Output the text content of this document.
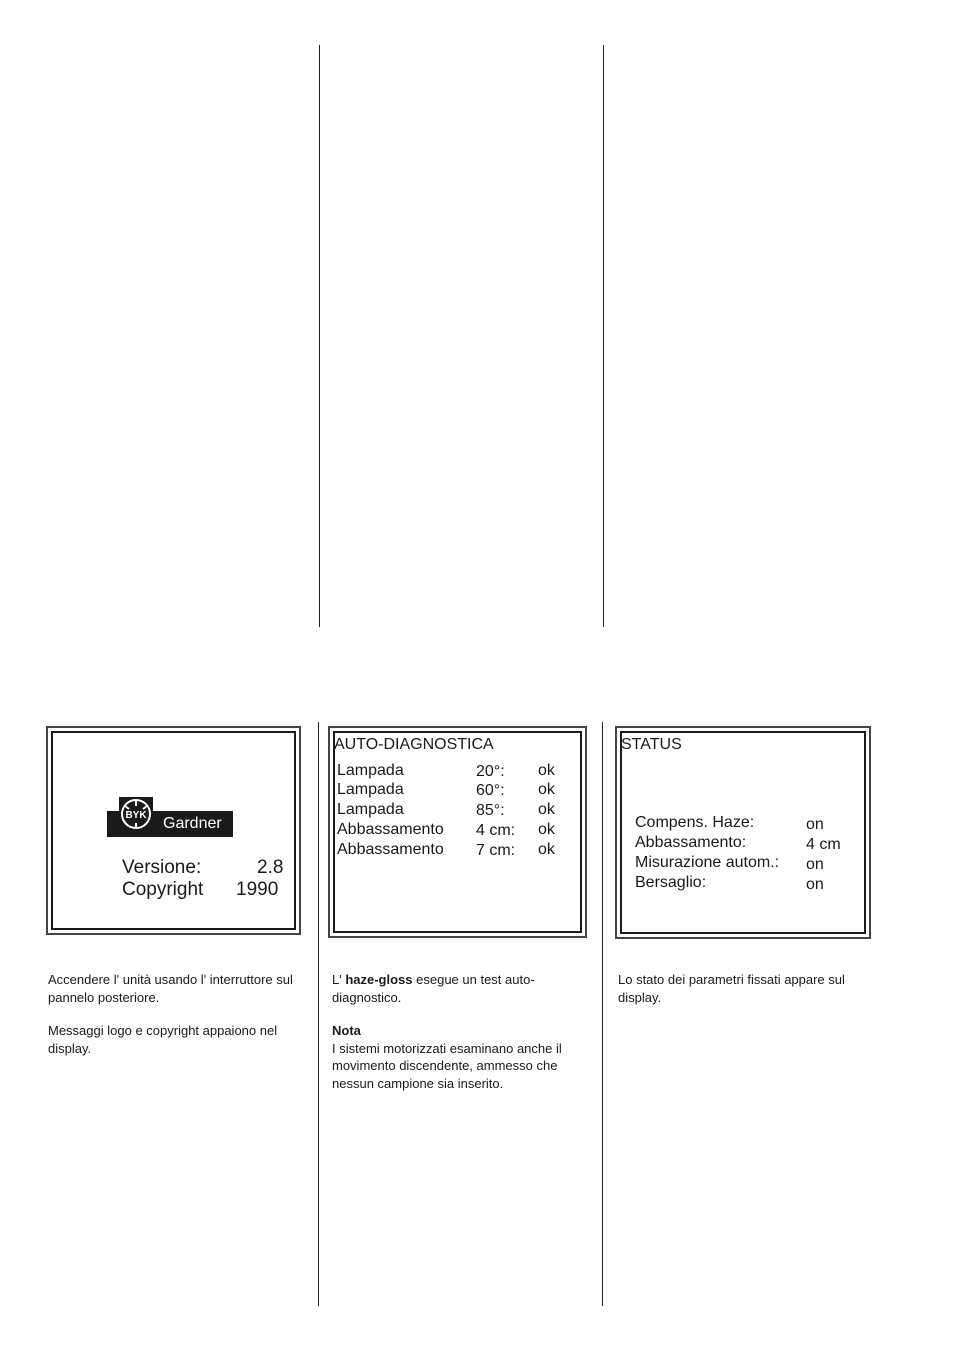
BYK Gardner
Versione:	2.8
Copyright 1990

Accendere l' unità usando l' interruttore sul pannelo posteriore.

Messaggi logo e copyright appaiono nel display.

AUTO-DIAGNOSTICA
Lampada	20°: ok
Lampada	60°: ok
Lampada	85°: ok
Abbassamento 4 cm: ok
Abbassamento 7 cm: ok

L' haze-gloss esegue un test auto-diagnostico.

Nota
I sistemi motorizzati esaminano anche il movimento discendente, ammesso che nessun campione sia inserito.
STATUS
Compens. Haze:	on
Abbassamento:	4 cm
Misurazione autom.: on
Bersaglio:	on

Lo stato dei parametri fissati appare sul display.
